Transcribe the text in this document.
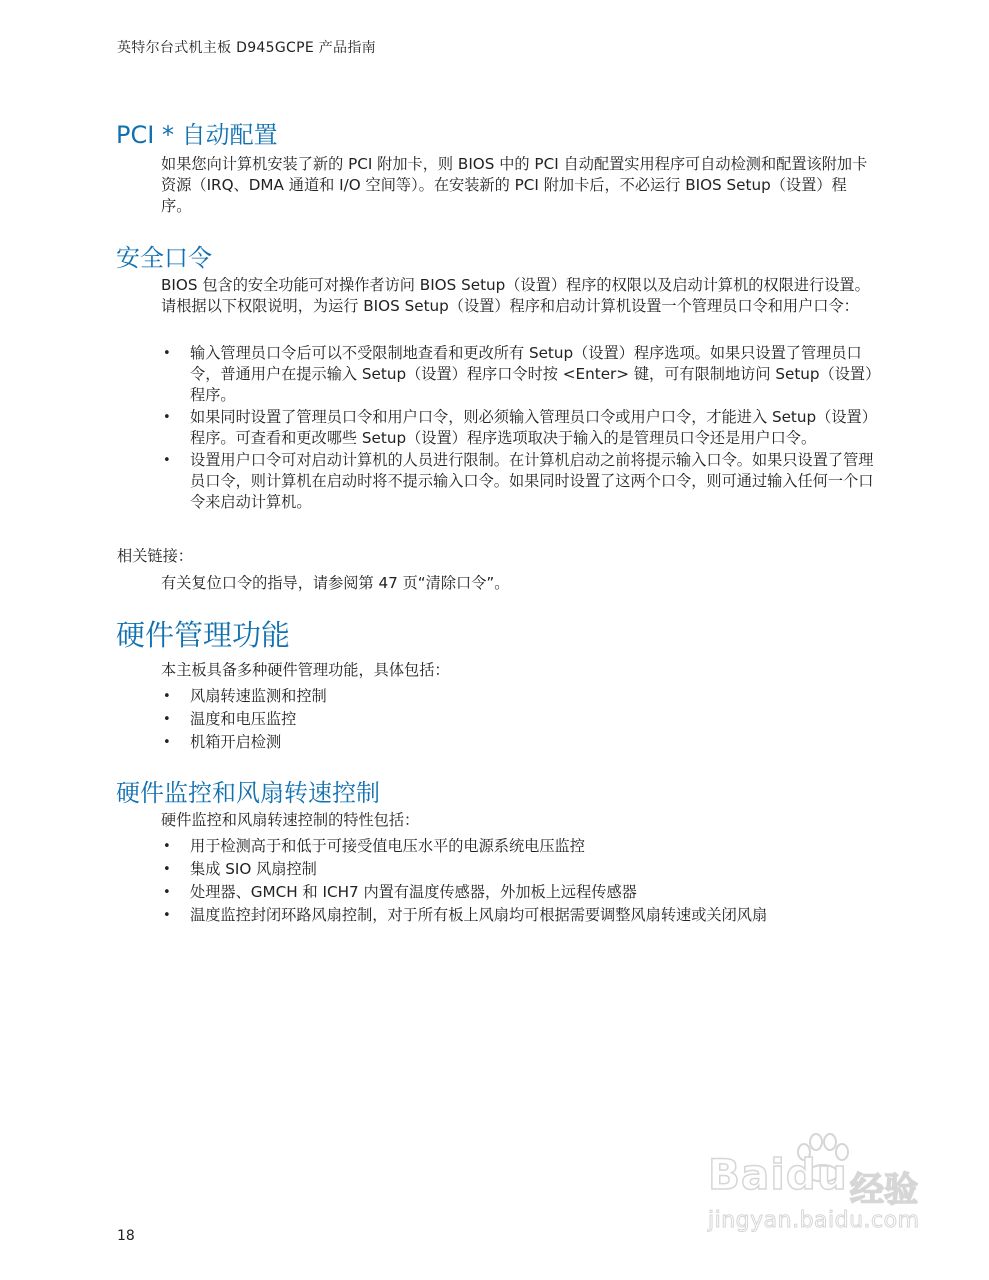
英特尔台式机主板 D945GCPE 产品指南
PCI * 自动配置

如果您向计算机安装了新的 PCI 附加卡，则 BIOS 中的 PCI 自动配置实用程序可自动检测和配置该附加卡资源（IRQ、DMA 通道和 I/O 空间等）。在安装新的 PCI 附加卡后，不必运行 BIOS Setup（设置）程序。

安全口令

BIOS 包含的安全功能可对操作者访问 BIOS Setup（设置）程序的权限以及启动计算机的权限进行设置。请根据以下权限说明，为运行 BIOS Setup（设置）程序和启动计算机设置一个管理员口令和用户口令：

• 输入管理员口令后可以不受限制地查看和更改所有 Setup（设置）程序选项。如果只设置了管理员口令，普通用户在提示输入 Setup（设置）程序口令时按 <Enter> 键，可有限制地访问 Setup（设置）程序。
• 如果同时设置了管理员口令和用户口令，则必须输入管理员口令或用户口令，才能进入 Setup（设置）程序。可查看和更改哪些 Setup（设置）程序选项取决于输入的是管理员口令还是用户口令。
• 设置用户口令可对启动计算机的人员进行限制。在计算机启动之前将提示输入口令。如果只设置了管理员口令，则计算机在启动时将不提示输入口令。如果同时设置了这两个口令，则可通过输入任何一个口令来启动计算机。
相关链接：

有关复位口令的指导，请参阅第 47 页“清除口令”。

硬件管理功能

本主板具备多种硬件管理功能，具体包括：

• 风扇转速监测和控制
• 温度和电压监控
• 机箱开启检测
硬件监控和风扇转速控制

硬件监控和风扇转速控制的特性包括：

• 用于检测高于和低于可接受值电压水平的电源系统电压监控
• 集成 SIO 风扇控制
• 处理器、GMCH 和 ICH7 内置有温度传感器，外加板上远程传感器
• 温度监控封闭环路风扇控制，对于所有板上风扇均可根据需要调整风扇转速或关闭风扇
Baidu 经验
jingyan.baidu.com
18
